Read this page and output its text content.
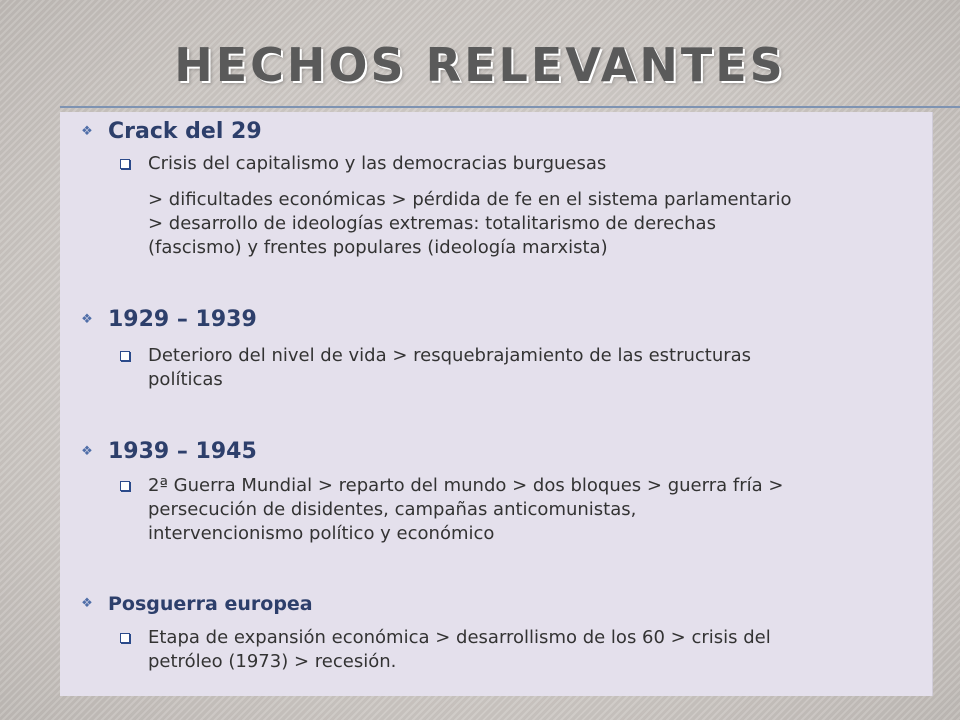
HECHOS RELEVANTES
❖ Crack del 29
Crisis del capitalismo y las democracias burguesas
> dificultades económicas > pérdida de fe en el sistema parlamentario
> desarrollo de ideologías extremas: totalitarismo de derechas
(fascismo) y frentes populares (ideología marxista)
❖ 1929 – 1939
Deterioro del nivel de vida > resquebrajamiento de las estructuras
políticas
❖ 1939 – 1945
2ª Guerra Mundial > reparto del mundo > dos bloques > guerra fría >
persecución de disidentes, campañas anticomunistas,
intervencionismo político y económico
❖ Posguerra europea
Etapa de expansión económica > desarrollismo de los 60 > crisis del
petróleo (1973) > recesión.
